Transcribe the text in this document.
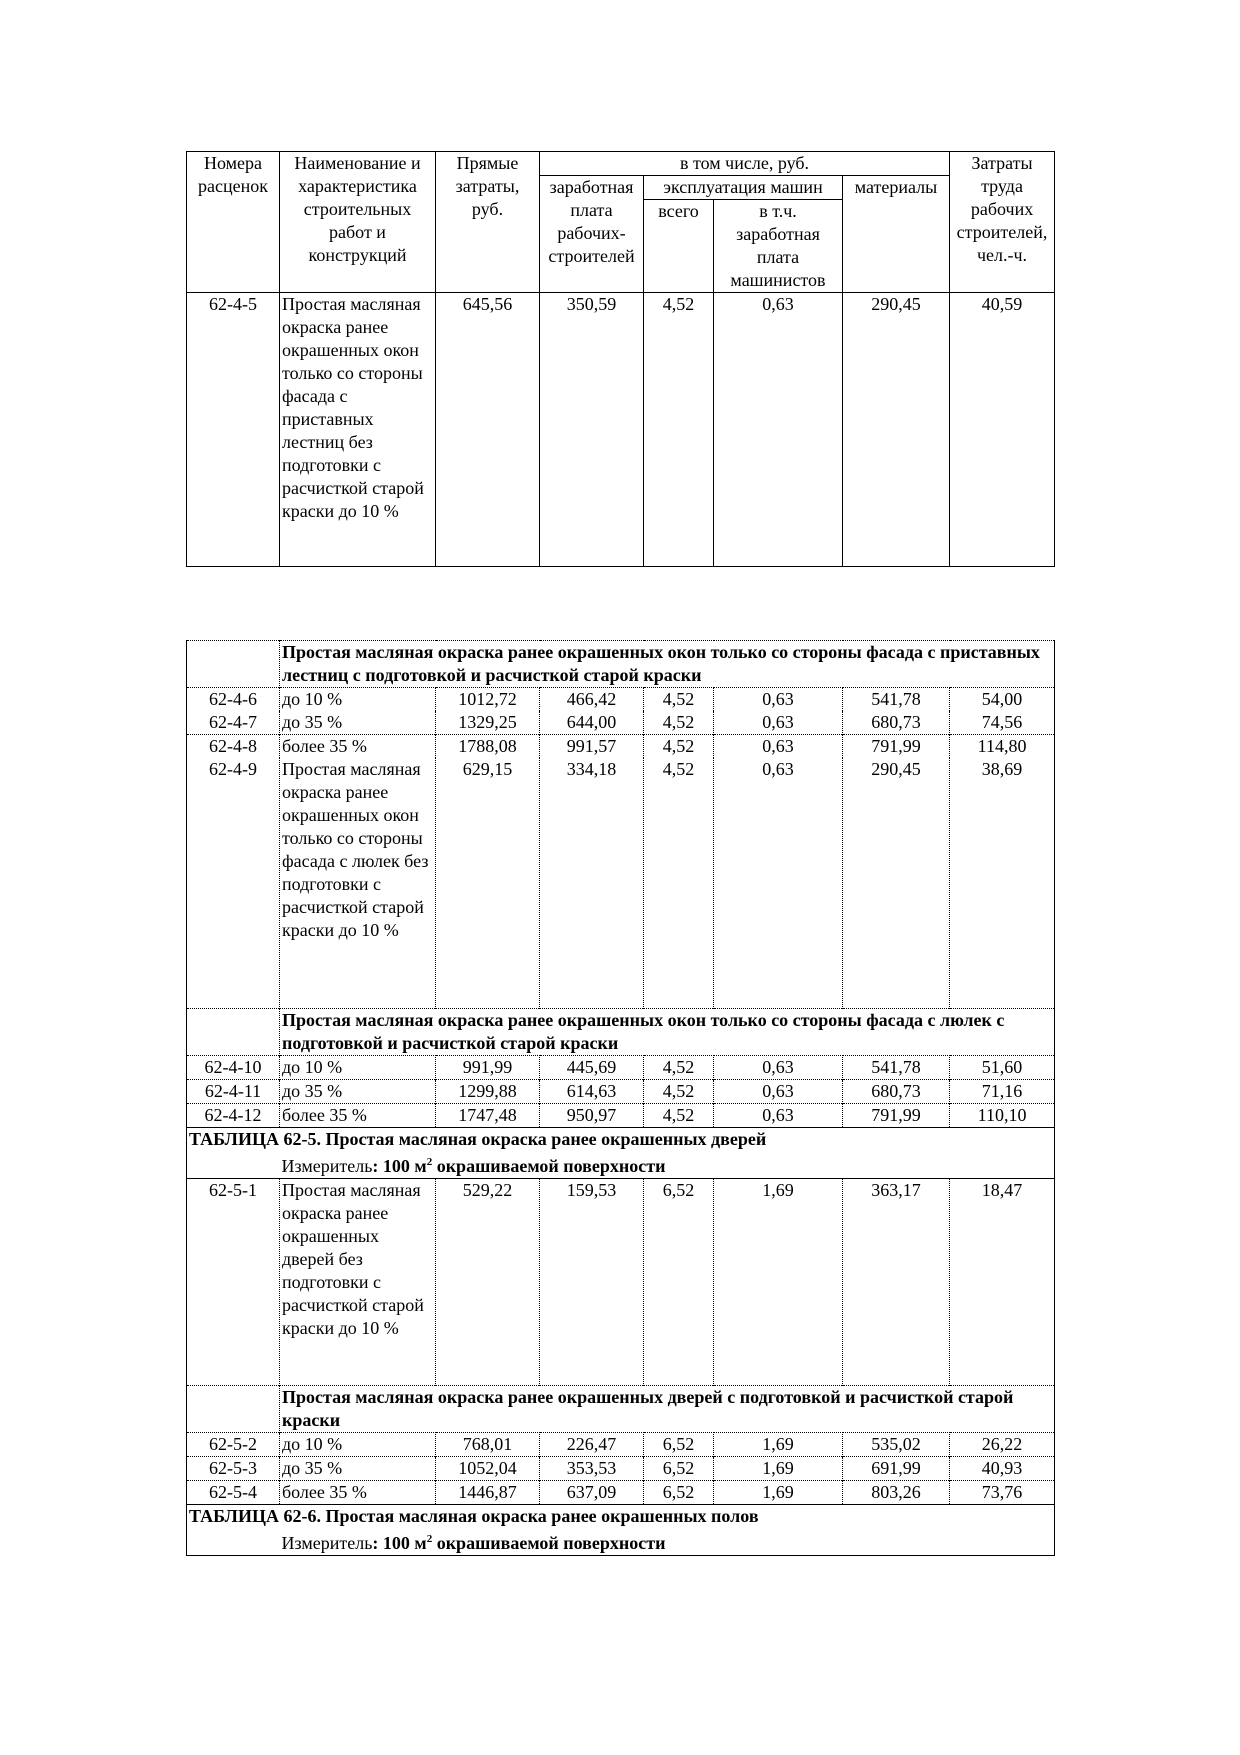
Номера расценок	Наименование и характеристика строительных работ и конструкций	Прямые затраты, руб.	в том числе, руб.				Затраты труда рабочих строителей, чел.-ч.
			заработная плата рабочих-строителей	эксплуатация машин		материалы	
				всего	в т.ч. заработная плата машинистов		
62-4-5	Простая масляная окраска ранее окрашенных окон только со стороны фасада с приставных лестниц без подготовки с расчисткой старой краски до 10 %	645,56	350,59	4,52	0,63	290,45	40,59
	Простая масляная окраска ранее окрашенных окон только со стороны фасада с приставных лестниц с подготовкой и расчисткой старой краски						
62-4-6	до 10 %	1012,72	466,42	4,52	0,63	541,78	54,00
62-4-7	до 35 %	1329,25	644,00	4,52	0,63	680,73	74,56
62-4-8	более 35 %	1788,08	991,57	4,52	0,63	791,99	114,80
62-4-9	Простая масляная окраска ранее окрашенных окон только со стороны фасада с люлек без подготовки с расчисткой старой краски до 10 %	629,15	334,18	4,52	0,63	290,45	38,69
	Простая масляная окраска ранее окрашенных окон только со стороны фасада с люлек с подготовкой и расчисткой старой краски						
62-4-10	до 10 %	991,99	445,69	4,52	0,63	541,78	51,60
62-4-11	до 35 %	1299,88	614,63	4,52	0,63	680,73	71,16
62-4-12	более 35 %	1747,48	950,97	4,52	0,63	791,99	110,10
ТАБЛИЦА 62-5. Простая масляная окраска ранее окрашенных дверей							
	Измеритель: 100 $м^2$ окрашиваемой поверхности						
62-5-1	Простая масляная окраска ранее окрашенных дверей без подготовки с расчисткой старой краски до 10 %	529,22	159,53	6,52	1,69	363,17	18,47
	Простая масляная окраска ранее окрашенных дверей с подготовкой и расчисткой старой краски						
62-5-2	до 10 %	768,01	226,47	6,52	1,69	535,02	26,22
62-5-3	до 35 %	1052,04	353,53	6,52	1,69	691,99	40,93
62-5-4	более 35 %	1446,87	637,09	6,52	1,69	803,26	73,76
ТАБЛИЦА 62-6. Простая масляная окраска ранее окрашенных полов							
	Измеритель: 100 $м^2$ окрашиваемой поверхности						
